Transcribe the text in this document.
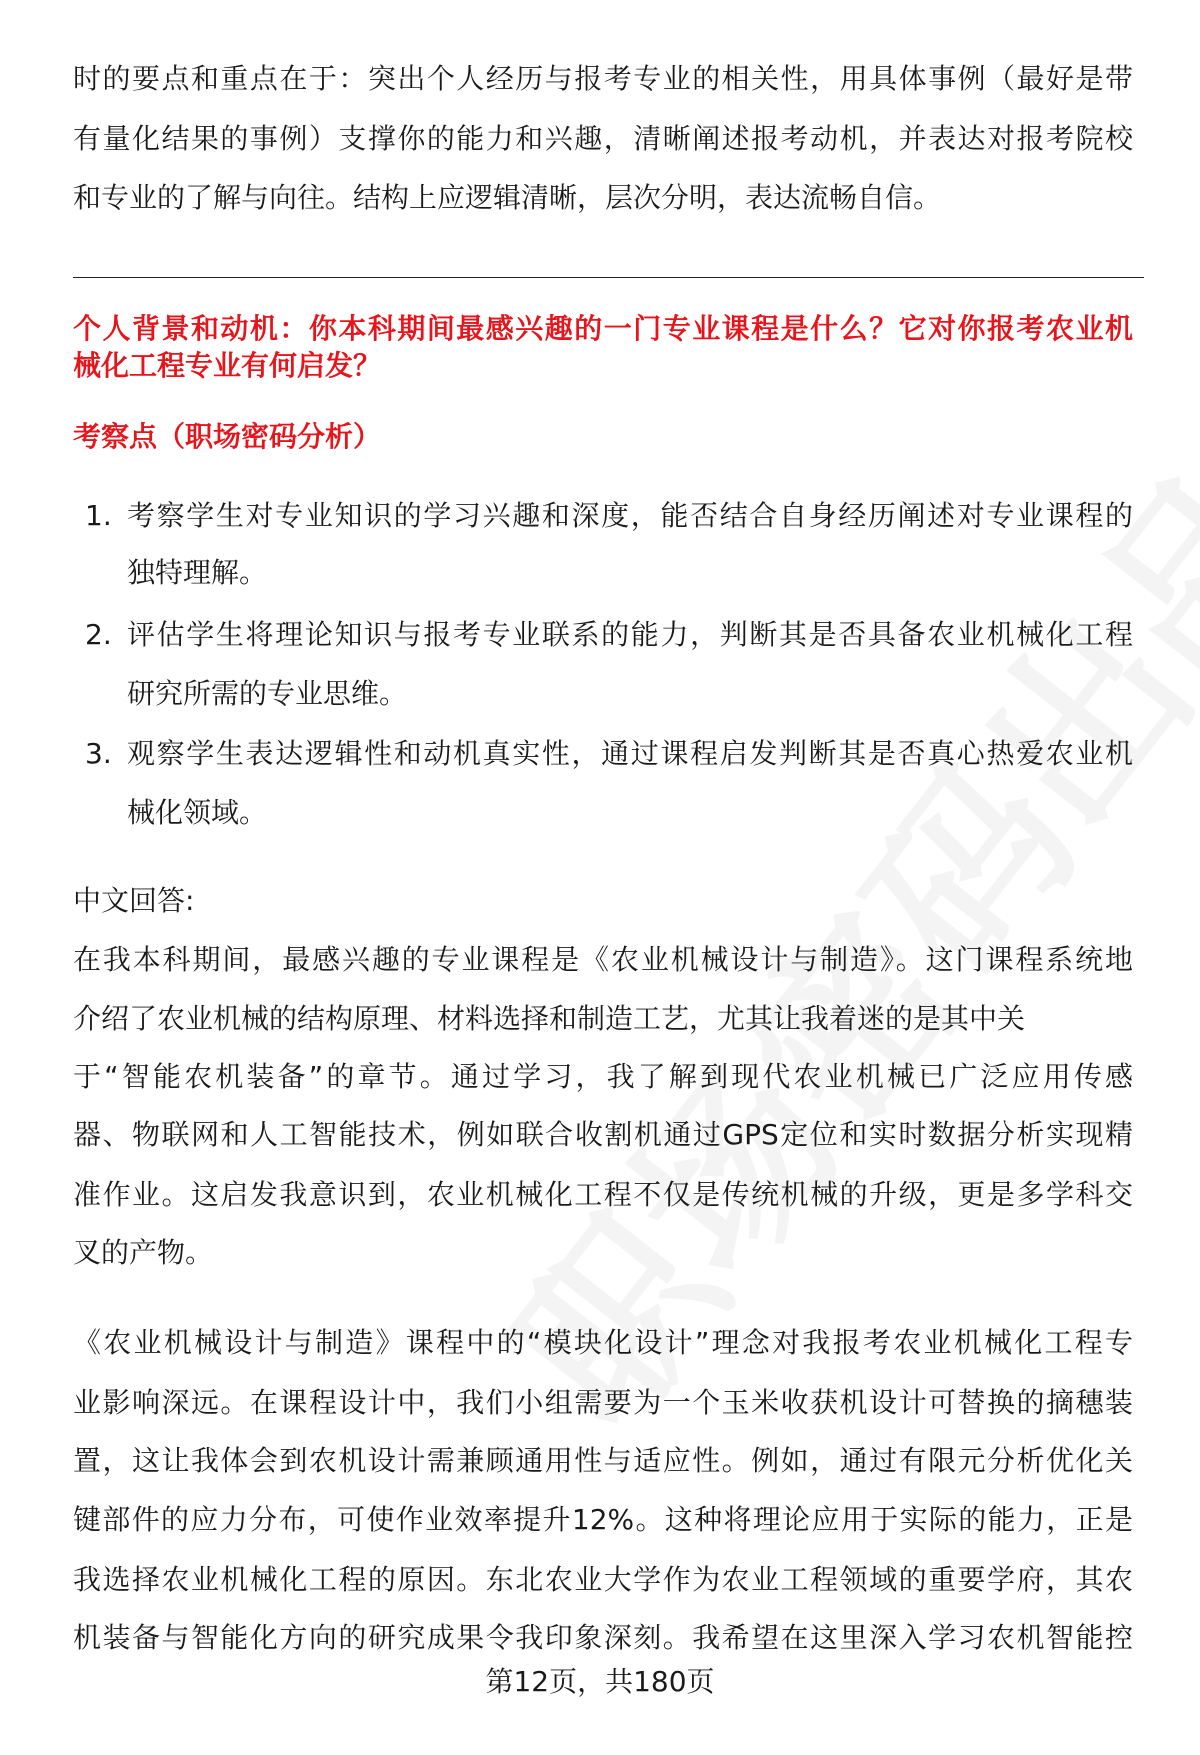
时的要点和重点在于：突出个人经历与报考专业的相关性，用具体事例（最好是带
有量化结果的事例）支撑你的能力和兴趣，清晰阐述报考动机，并表达对报考院校
和专业的了解与向往。结构上应逻辑清晰，层次分明，表达流畅自信。
个人背景和动机：你本科期间最感兴趣的一门专业课程是什么？它对你报考农业机
械化工程专业有何启发？
考察点（职场密码分析）
1. 考察学生对专业知识的学习兴趣和深度，能否结合自身经历阐述对专业课程的
独特理解。
2. 评估学生将理论知识与报考专业联系的能力，判断其是否具备农业机械化工程
研究所需的专业思维。
3. 观察学生表达逻辑性和动机真实性，通过课程启发判断其是否真心热爱农业机
械化领域。
中文回答:
在我本科期间，最感兴趣的专业课程是《农业机械设计与制造》。这门课程系统地
介绍了农业机械的结构原理、材料选择和制造工艺，尤其让我着迷的是其中关
于“智能农机装备”的章节。通过学习，我了解到现代农业机械已广泛应用传感
器、物联网和人工智能技术，例如联合收割机通过GPS定位和实时数据分析实现精
准作业。这启发我意识到，农业机械化工程不仅是传统机械的升级，更是多学科交
叉的产物。
《农业机械设计与制造》课程中的“模块化设计”理念对我报考农业机械化工程专
业影响深远。在课程设计中，我们小组需要为一个玉米收获机设计可替换的摘穗装
置，这让我体会到农机设计需兼顾通用性与适应性。例如，通过有限元分析优化关
键部件的应力分布，可使作业效率提升12%。这种将理论应用于实际的能力，正是
我选择农业机械化工程的原因。东北农业大学作为农业工程领域的重要学府，其农
机装备与智能化方向的研究成果令我印象深刻。我希望在这里深入学习农机智能控
第12页，共180页
